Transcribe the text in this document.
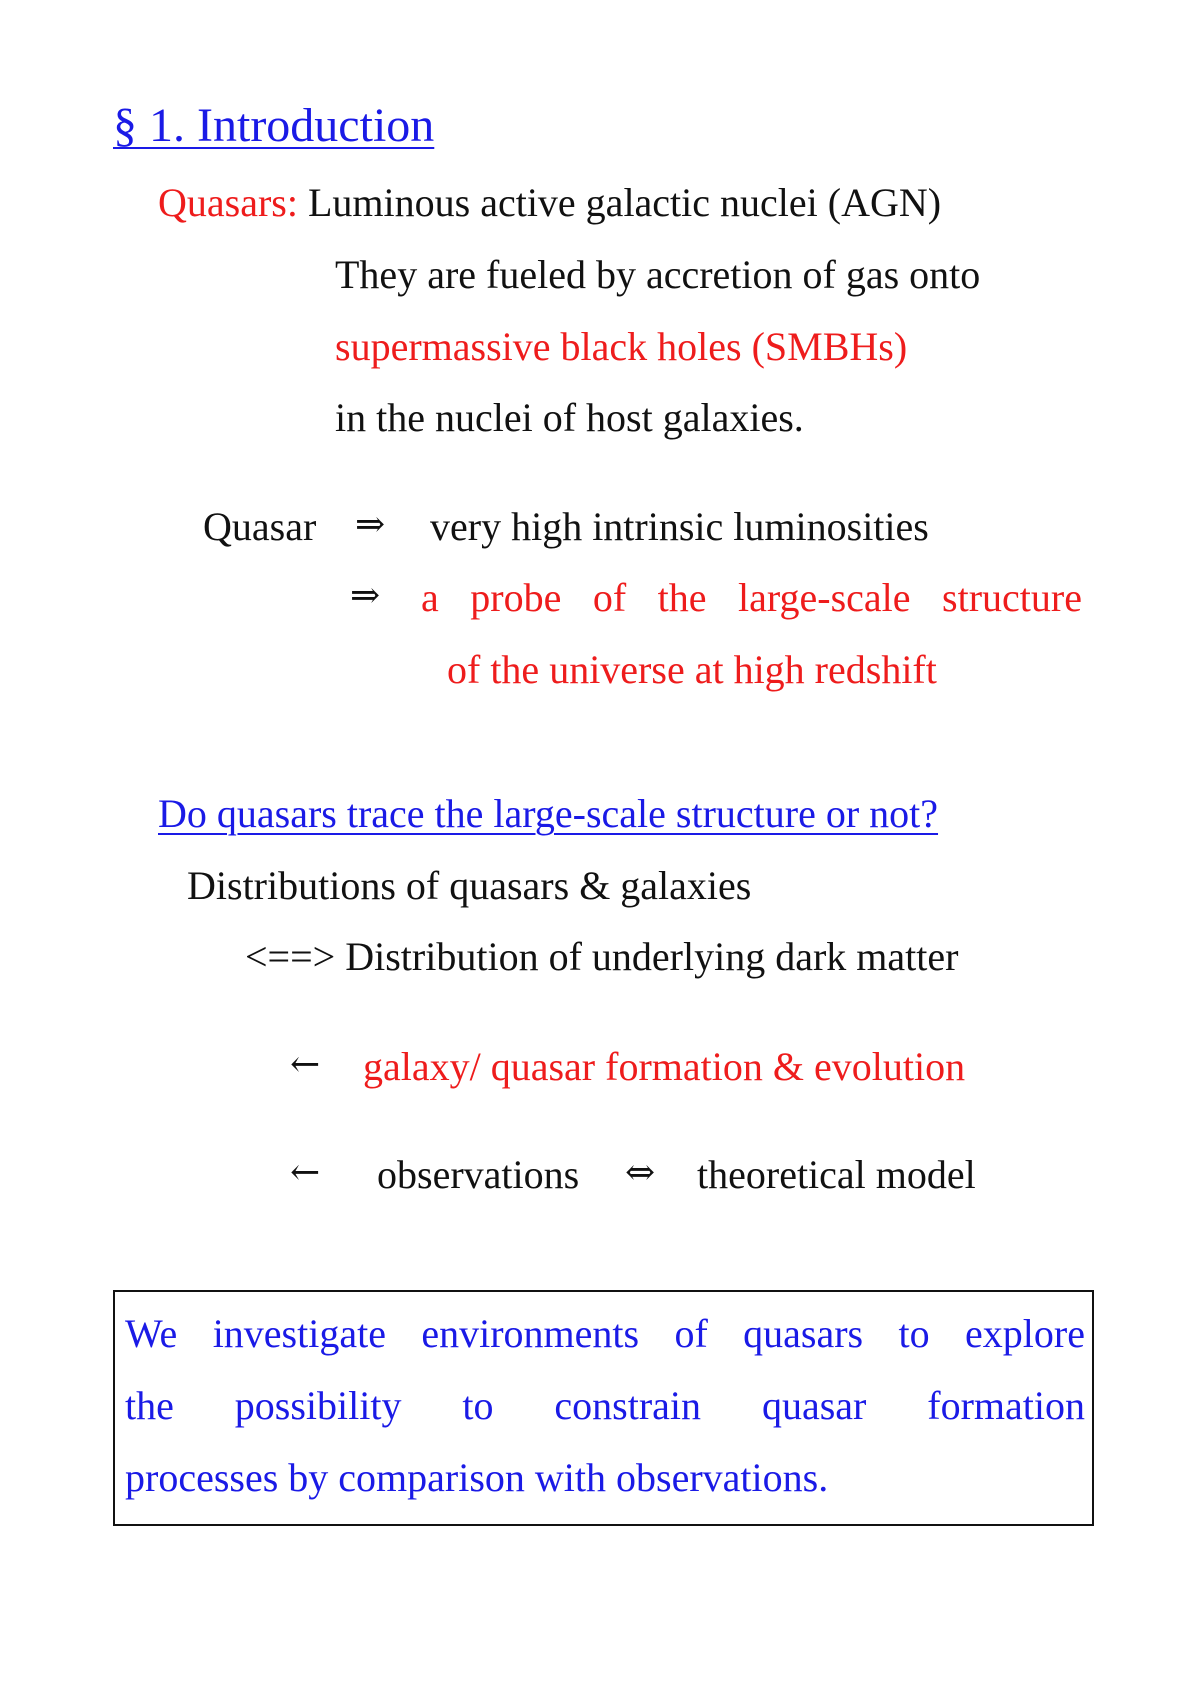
§ 1. Introduction
Quasars: Luminous active galactic nuclei (AGN)
They are fueled by accretion of gas onto
supermassive black holes (SMBHs)
in the nuclei of host galaxies.
Quasar ⇒ very high intrinsic luminosities
⇒ a probe of the large-scale structure
of the universe at high redshift
Do quasars trace the large-scale structure or not?
Distributions of quasars & galaxies
<==> Distribution of underlying dark matter
← galaxy/ quasar formation & evolution
← observations ⇔ theoretical model
We investigate environments of quasars to explore
the possibility to constrain quasar formation
processes by comparison with observations.
